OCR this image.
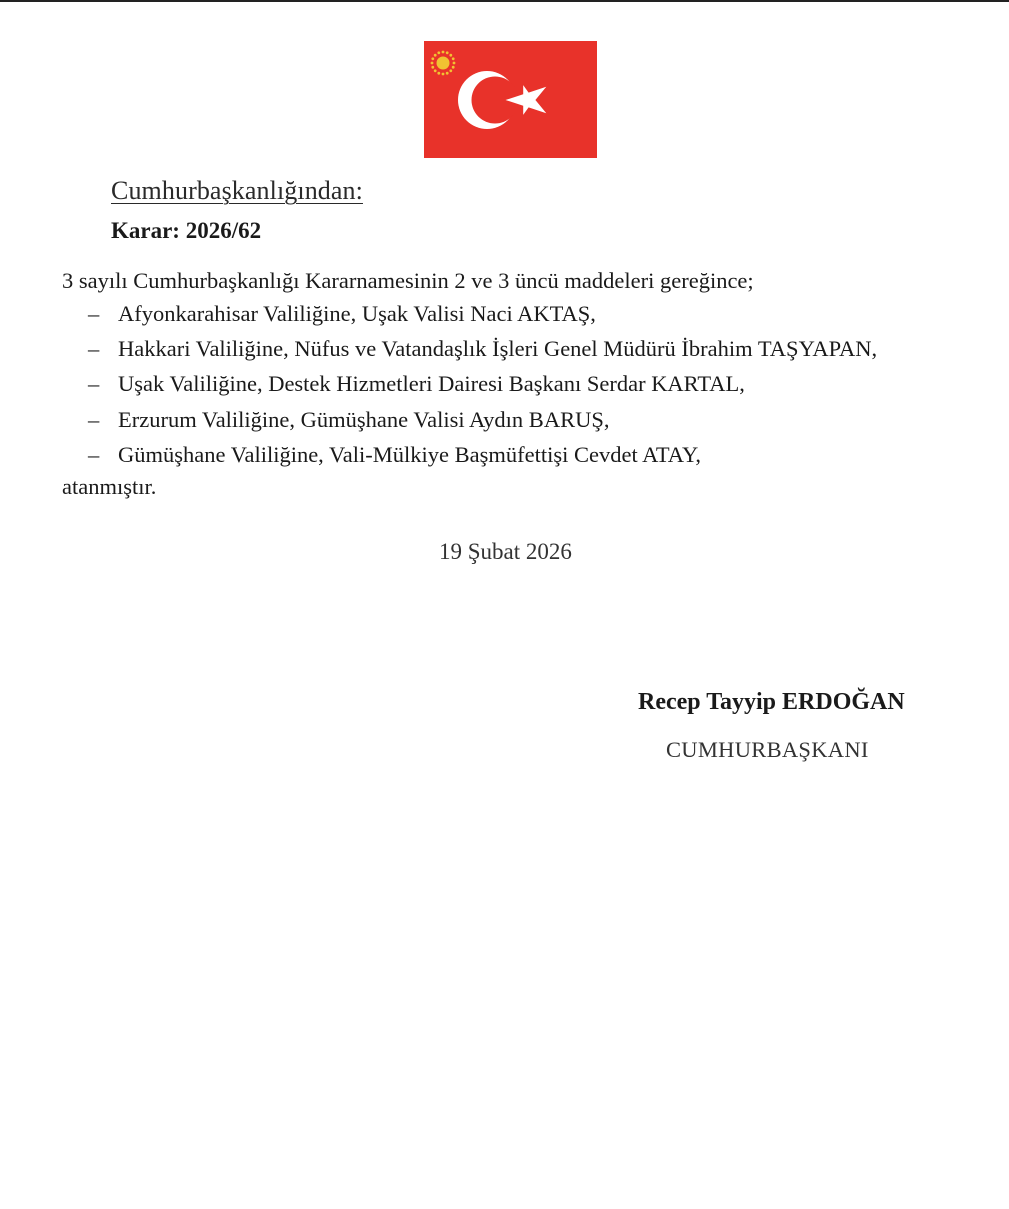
Cumhurbaşkanlığından:
Karar: 2026/62
3 sayılı Cumhurbaşkanlığı Kararnamesinin 2 ve 3 üncü maddeleri gereğince;
– Afyonkarahisar Valiliğine, Uşak Valisi Naci AKTAŞ,
– Hakkari Valiliğine, Nüfus ve Vatandaşlık İşleri Genel Müdürü İbrahim TAŞYAPAN,
– Uşak Valiliğine, Destek Hizmetleri Dairesi Başkanı Serdar KARTAL,
– Erzurum Valiliğine, Gümüşhane Valisi Aydın BARUŞ,
– Gümüşhane Valiliğine, Vali-Mülkiye Başmüfettişi Cevdet ATAY,
atanmıştır.
19 Şubat 2026
Recep Tayyip ERDOĞAN
CUMHURBAŞKANI
